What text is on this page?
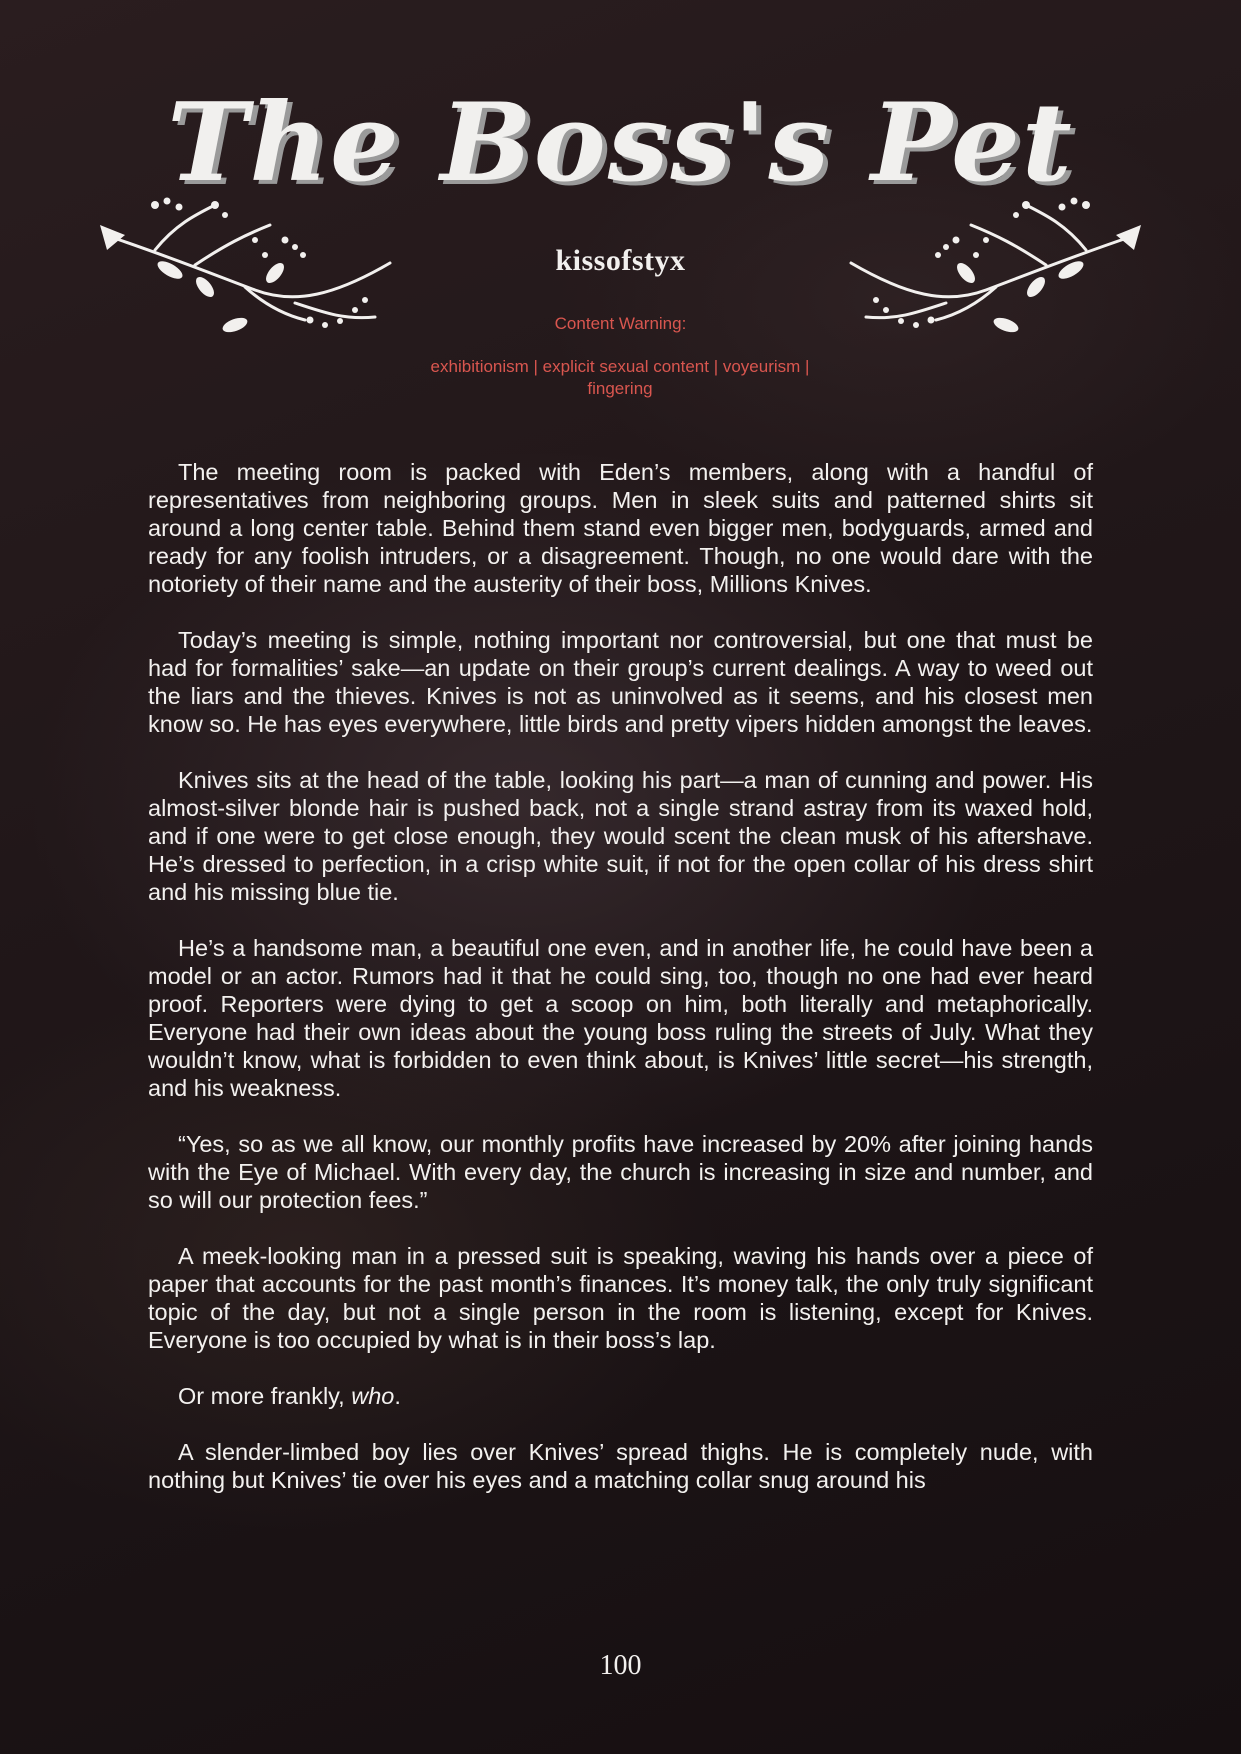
The Boss's Pet
kissofstyx
Content Warning:
exhibitionism | explicit sexual content | voyeurism | fingering

The meeting room is packed with Eden’s members, along with a handful of representatives from neighboring groups. Men in sleek suits and patterned shirts sit around a long center table. Behind them stand even bigger men, bodyguards, armed and ready for any foolish intruders, or a disagreement. Though, no one would dare with the notoriety of their name and the austerity of their boss, Millions Knives.

Today’s meeting is simple, nothing important nor controversial, but one that must be had for formalities’ sake—an update on their group’s current dealings. A way to weed out the liars and the thieves. Knives is not as uninvolved as it seems, and his closest men know so. He has eyes everywhere, little birds and pretty vipers hidden amongst the leaves.

Knives sits at the head of the table, looking his part—a man of cunning and power. His almost-silver blonde hair is pushed back, not a single strand astray from its waxed hold, and if one were to get close enough, they would scent the clean musk of his aftershave. He’s dressed to perfection, in a crisp white suit, if not for the open collar of his dress shirt and his missing blue tie.

He’s a handsome man, a beautiful one even, and in another life, he could have been a model or an actor. Rumors had it that he could sing, too, though no one had ever heard proof. Reporters were dying to get a scoop on him, both literally and metaphorically. Everyone had their own ideas about the young boss ruling the streets of July. What they wouldn’t know, what is forbidden to even think about, is Knives’ little secret—his strength, and his weakness.

“Yes, so as we all know, our monthly profits have increased by 20% after joining hands with the Eye of Michael. With every day, the church is increasing in size and number, and so will our protection fees.”

A meek-looking man in a pressed suit is speaking, waving his hands over a piece of paper that accounts for the past month’s finances. It’s money talk, the only truly significant topic of the day, but not a single person in the room is listening, except for Knives. Everyone is too occupied by what is in their boss’s lap.

Or more frankly, who.

A slender-limbed boy lies over Knives’ spread thighs. He is completely nude, with nothing but Knives’ tie over his eyes and a matching collar snug around his

100
